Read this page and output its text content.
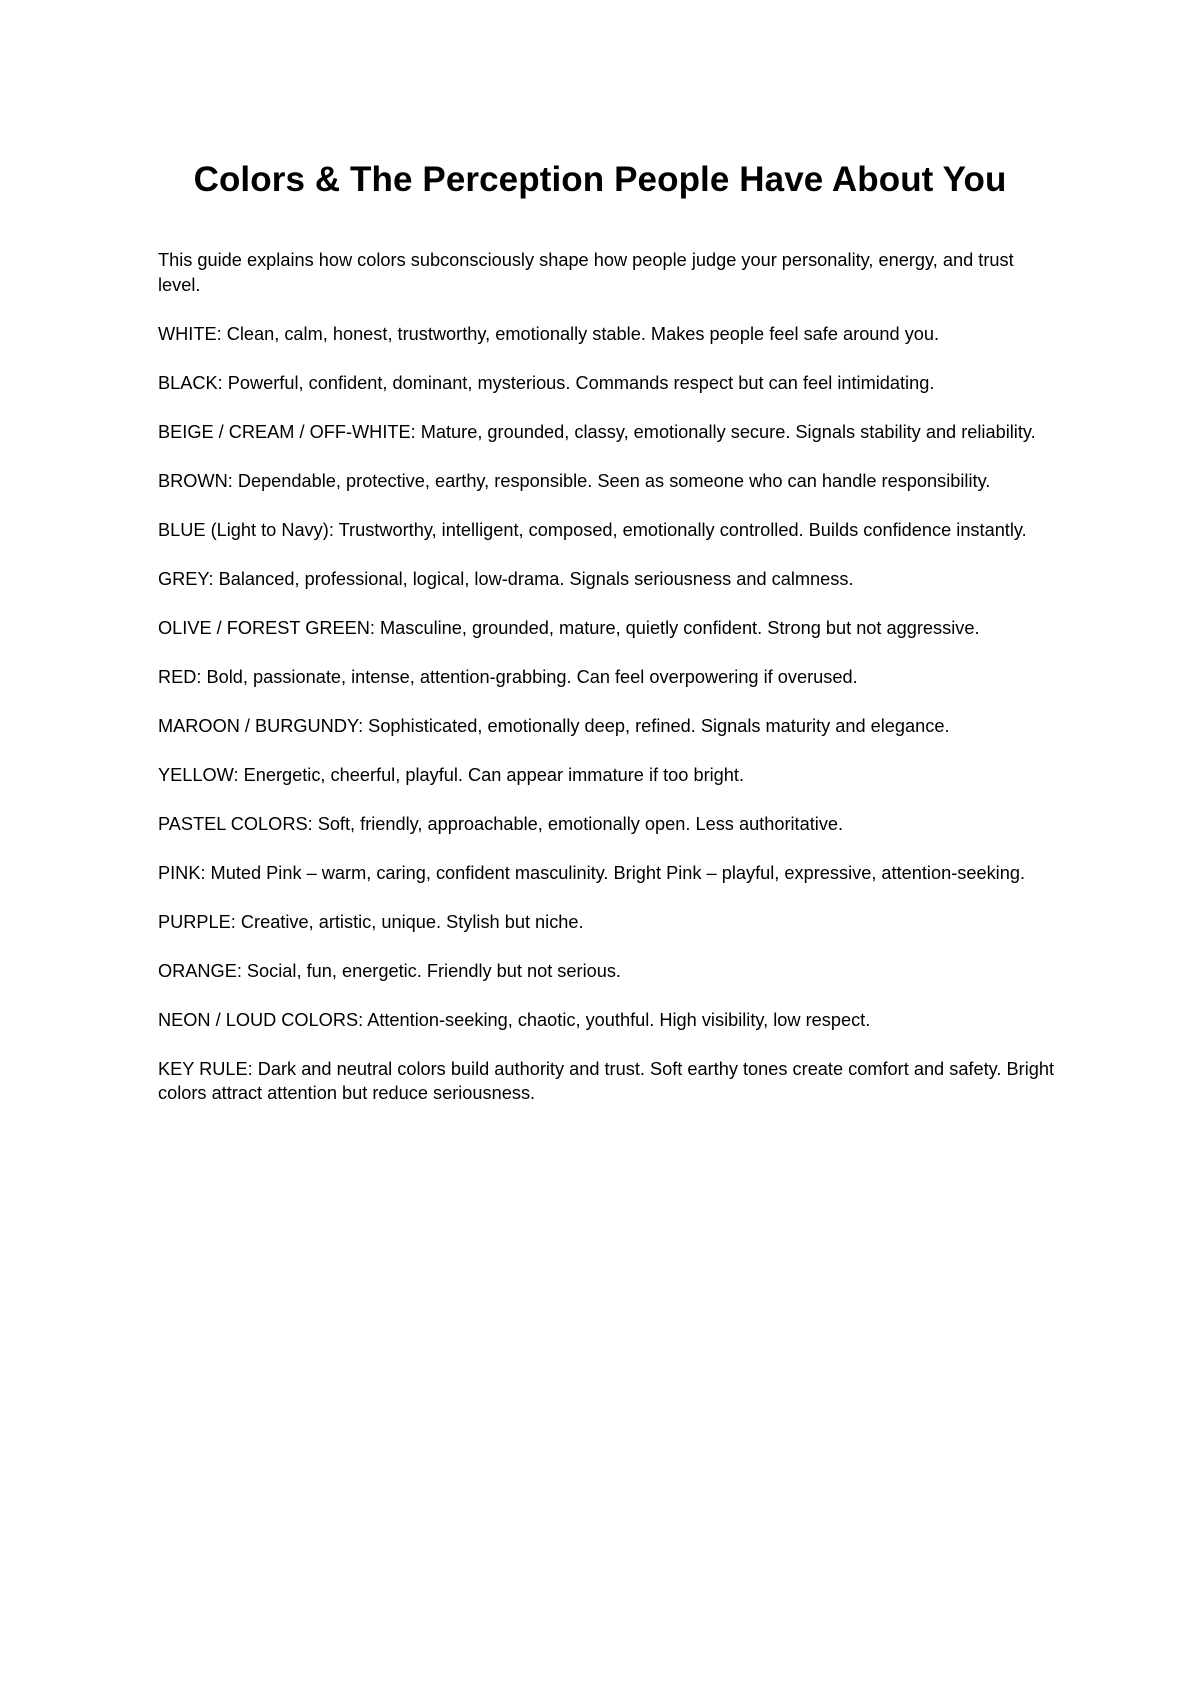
Colors & The Perception People Have About You

This guide explains how colors subconsciously shape how people judge your personality, energy, and trust level.

WHITE: Clean, calm, honest, trustworthy, emotionally stable. Makes people feel safe around you.

BLACK: Powerful, confident, dominant, mysterious. Commands respect but can feel intimidating.

BEIGE / CREAM / OFF-WHITE: Mature, grounded, classy, emotionally secure. Signals stability and reliability.

BROWN: Dependable, protective, earthy, responsible. Seen as someone who can handle responsibility.

BLUE (Light to Navy): Trustworthy, intelligent, composed, emotionally controlled. Builds confidence instantly.

GREY: Balanced, professional, logical, low-drama. Signals seriousness and calmness.

OLIVE / FOREST GREEN: Masculine, grounded, mature, quietly confident. Strong but not aggressive.

RED: Bold, passionate, intense, attention-grabbing. Can feel overpowering if overused.

MAROON / BURGUNDY: Sophisticated, emotionally deep, refined. Signals maturity and elegance.

YELLOW: Energetic, cheerful, playful. Can appear immature if too bright.

PASTEL COLORS: Soft, friendly, approachable, emotionally open. Less authoritative.

PINK: Muted Pink – warm, caring, confident masculinity. Bright Pink – playful, expressive, attention-seeking.

PURPLE: Creative, artistic, unique. Stylish but niche.

ORANGE: Social, fun, energetic. Friendly but not serious.

NEON / LOUD COLORS: Attention-seeking, chaotic, youthful. High visibility, low respect.

KEY RULE: Dark and neutral colors build authority and trust. Soft earthy tones create comfort and safety. Bright colors attract attention but reduce seriousness.
